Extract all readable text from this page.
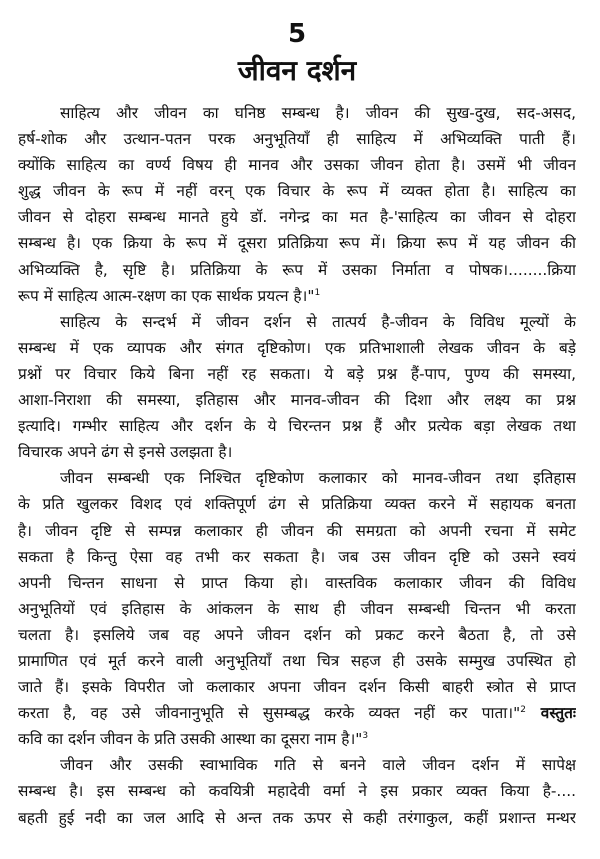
5
जीवन दर्शन
साहित्य और जीवन का घनिष्ठ सम्बन्ध है। जीवन की सुख-दुख, सद-असद,
हर्ष-शोक और उत्थान-पतन परक अनुभूतियाँ ही साहित्य में अभिव्यक्ति पाती हैं।
क्योंकि साहित्य का वर्ण्य विषय ही मानव और उसका जीवन होता है। उसमें भी जीवन
शुद्ध जीवन के रूप में नहीं वरन् एक विचार के रूप में व्यक्त होता है। साहित्य का
जीवन से दोहरा सम्बन्ध मानते हुये डॉ. नगेन्द्र का मत है-'साहित्य का जीवन से दोहरा
सम्बन्ध है। एक क्रिया के रूप में दूसरा प्रतिक्रिया रूप में। क्रिया रूप में यह जीवन की
अभिव्यक्ति है, सृष्टि है। प्रतिक्रिया के रूप में उसका निर्माता व पोषक।........क्रिया
रूप में साहित्य आत्म-रक्षण का एक सार्थक प्रयत्न है।"$^1$
साहित्य के सन्दर्भ में जीवन दर्शन से तात्पर्य है-जीवन के विविध मूल्यों के
सम्बन्ध में एक व्यापक और संगत दृष्टिकोण। एक प्रतिभाशाली लेखक जीवन के बड़े
प्रश्नों पर विचार किये बिना नहीं रह सकता। ये बड़े प्रश्न हैं-पाप, पुण्य की समस्या,
आशा-निराशा की समस्या, इतिहास और मानव-जीवन की दिशा और लक्ष्य का प्रश्न
इत्यादि। गम्भीर साहित्य और दर्शन के ये चिरन्तन प्रश्न हैं और प्रत्येक बड़ा लेखक तथा
विचारक अपने ढंग से इनसे उलझता है।
जीवन सम्बन्धी एक निश्चित दृष्टिकोण कलाकार को मानव-जीवन तथा इतिहास
के प्रति खुलकर विशद एवं शक्तिपूर्ण ढंग से प्रतिक्रिया व्यक्त करने में सहायक बनता
है। जीवन दृष्टि से सम्पन्न कलाकार ही जीवन की समग्रता को अपनी रचना में समेट
सकता है किन्तु ऐसा वह तभी कर सकता है। जब उस जीवन दृष्टि को उसने स्वयं
अपनी चिन्तन साधना से प्राप्त किया हो। वास्तविक कलाकार जीवन की विविध
अनुभूतियों एवं इतिहास के आंकलन के साथ ही जीवन सम्बन्धी चिन्तन भी करता
चलता है। इसलिये जब वह अपने जीवन दर्शन को प्रकट करने बैठता है, तो उसे
प्रामाणित एवं मूर्त करने वाली अनुभूतियाँ तथा चित्र सहज ही उसके सम्मुख उपस्थित हो
जाते हैं। इसके विपरीत जो कलाकार अपना जीवन दर्शन किसी बाहरी स्त्रोत से प्राप्त
करता है, वह उसे जीवनानुभूति से सुसम्बद्ध करके व्यक्त नहीं कर पाता।"$^2$ वस्तुतः
कवि का दर्शन जीवन के प्रति उसकी आस्था का दूसरा नाम है।"$^3$
जीवन और उसकी स्वाभाविक गति से बनने वाले जीवन दर्शन में सापेक्ष
सम्बन्ध है। इस सम्बन्ध को कवयित्री महादेवी वर्मा ने इस प्रकार व्यक्त किया है-....
बहती हुई नदी का जल आदि से अन्त तक ऊपर से कही तरंगाकुल, कहीं प्रशान्त मन्थर
